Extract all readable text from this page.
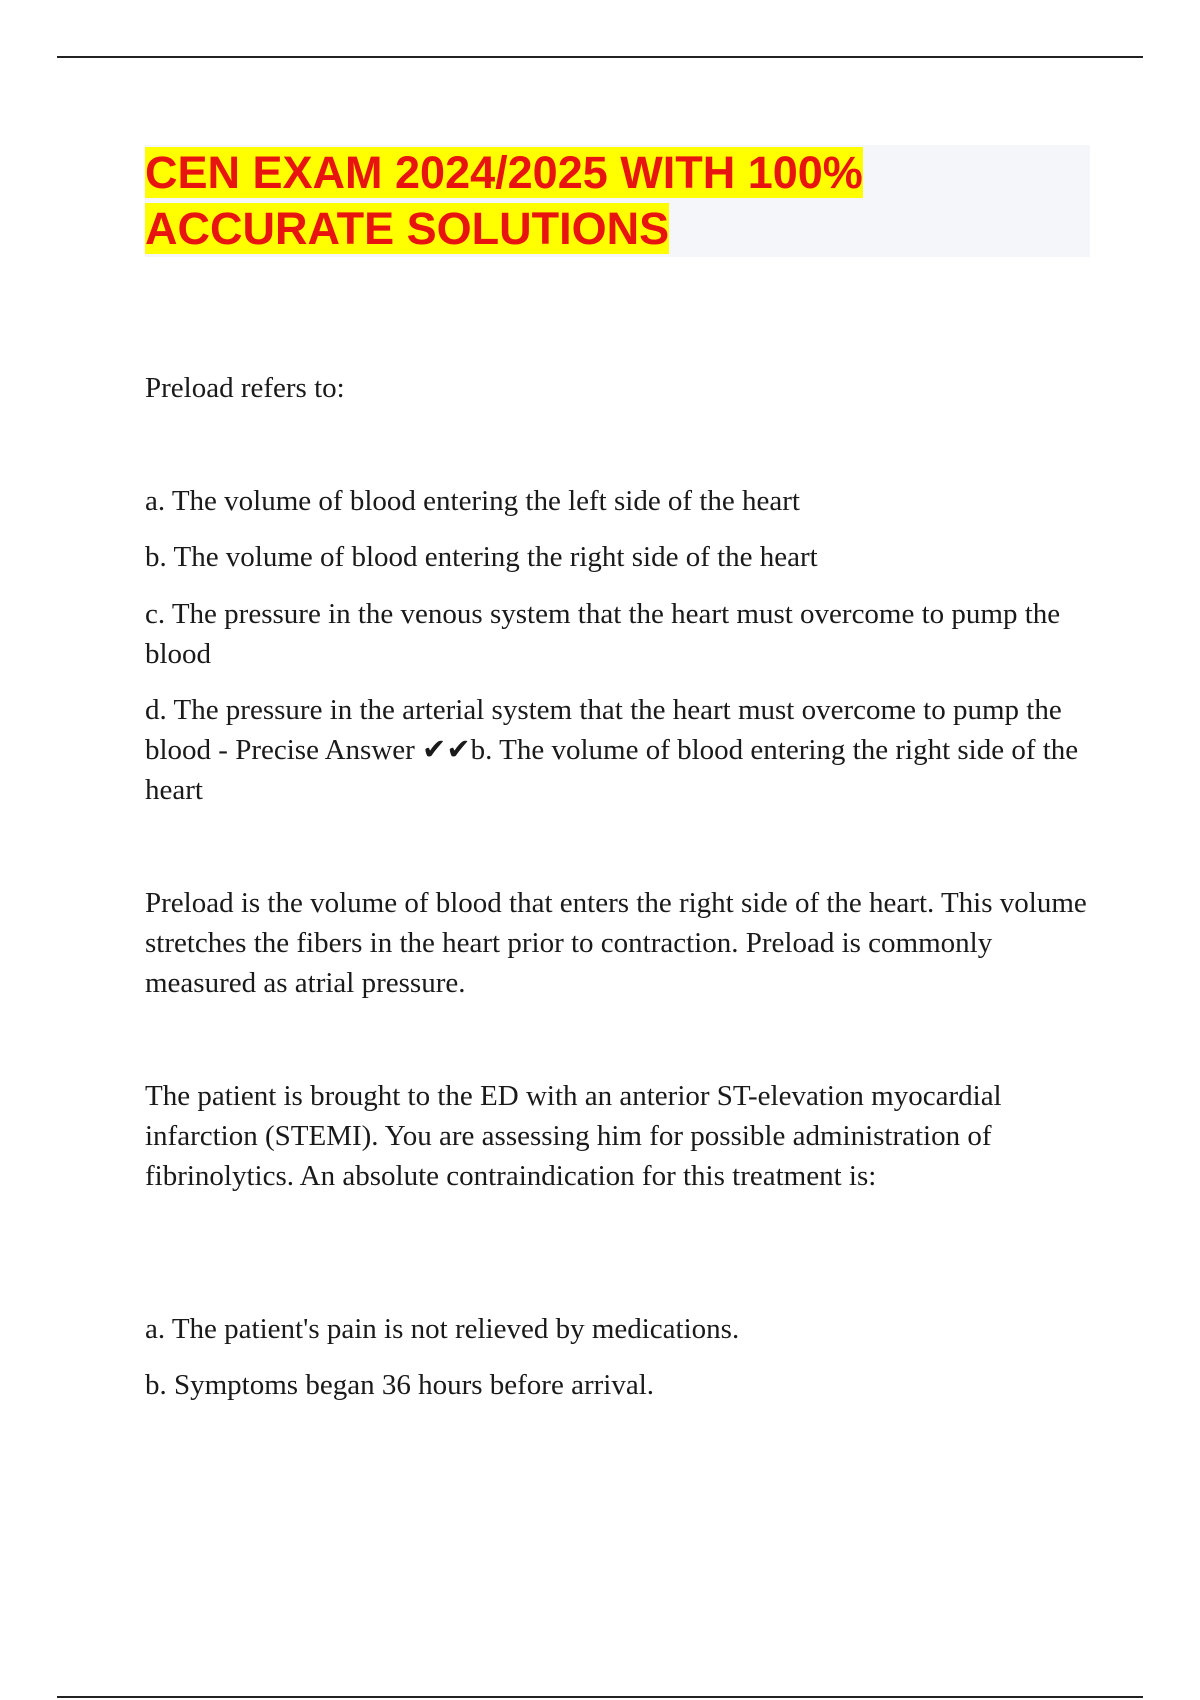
CEN EXAM 2024/2025 WITH 100%
ACCURATE SOLUTIONS

Preload refers to:

a. The volume of blood entering the left side of the heart

b. The volume of blood entering the right side of the heart

c. The pressure in the venous system that the heart must overcome to pump the blood

d. The pressure in the arterial system that the heart must overcome to pump the blood - Precise Answer ✔✔b. The volume of blood entering the right side of the heart

Preload is the volume of blood that enters the right side of the heart. This volume stretches the fibers in the heart prior to contraction. Preload is commonly measured as atrial pressure.

The patient is brought to the ED with an anterior ST-elevation myocardial infarction (STEMI). You are assessing him for possible administration of fibrinolytics. An absolute contraindication for this treatment is:

a. The patient's pain is not relieved by medications.

b. Symptoms began 36 hours before arrival.
